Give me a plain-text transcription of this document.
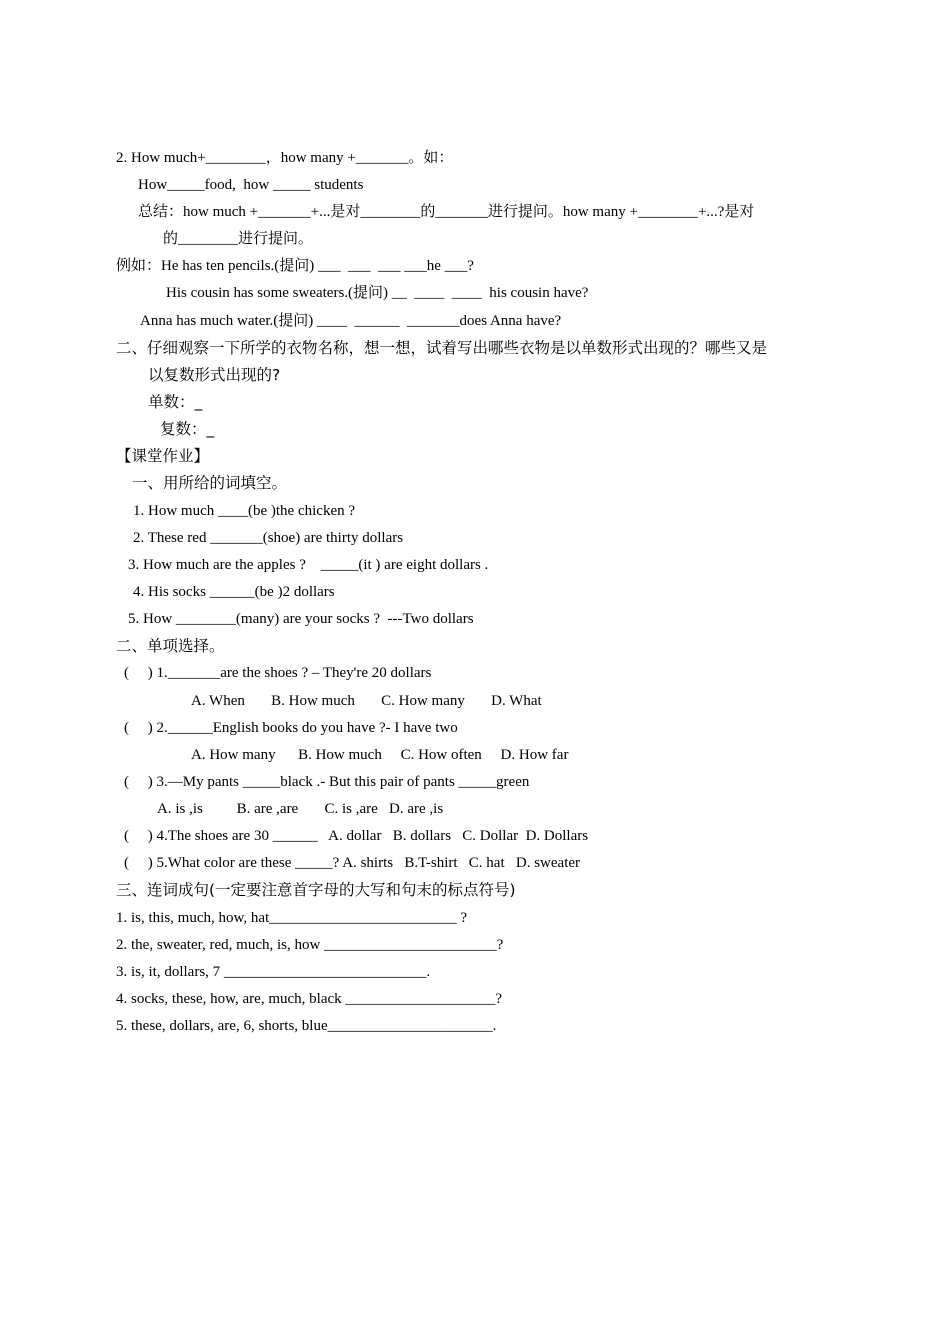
2. How much+________，how many +_______。如：
How_____food,  how _____ students
总结：how much +_______+...是对________的_______进行提问。how many +________+...?是对
的________进行提问。
例如：He has ten pencils.(提问) ___  ___  ___ ___he ___?
His cousin has some sweaters.(提问) __  ____  ____  his cousin have?
Anna has much water.(提问) ____  ______  _______does Anna have?
二、仔细观察一下所学的衣物名称，想一想，试着写出哪些衣物是以单数形式出现的？哪些又是
以复数形式出现的?
单数：_
复数：_
【课堂作业】
一、用所给的词填空。
1. How much ____(be )the chicken ?
2. These red _______(shoe) are thirty dollars
3. How much are the apples ?    _____(it ) are eight dollars .
4. His socks ______(be )2 dollars
5. How ________(many) are your socks ?  ---Two dollars
二、单项选择。
(     ) 1._______are the shoes ? – They're 20 dollars
A. When       B. How much       C. How many       D. What
(     ) 2.______English books do you have ?- I have two
A. How many      B. How much     C. How often     D. How far
(     ) 3.—My pants _____black .- But this pair of pants _____green
A. is ,is         B. are ,are       C. is ,are   D. are ,is
(     ) 4.The shoes are 30 ______   A. dollar   B. dollars   C. Dollar  D. Dollars
(     ) 5.What color are these _____? A. shirts   B.T-shirt   C. hat   D. sweater
三、连词成句(一定要注意首字母的大写和句末的标点符号)
1. is, this, much, how, hat_________________________ ?
2. the, sweater, red, much, is, how _______________________?
3. is, it, dollars, 7 ___________________________.
4. socks, these, how, are, much, black ____________________?
5. these, dollars, are, 6, shorts, blue______________________.
